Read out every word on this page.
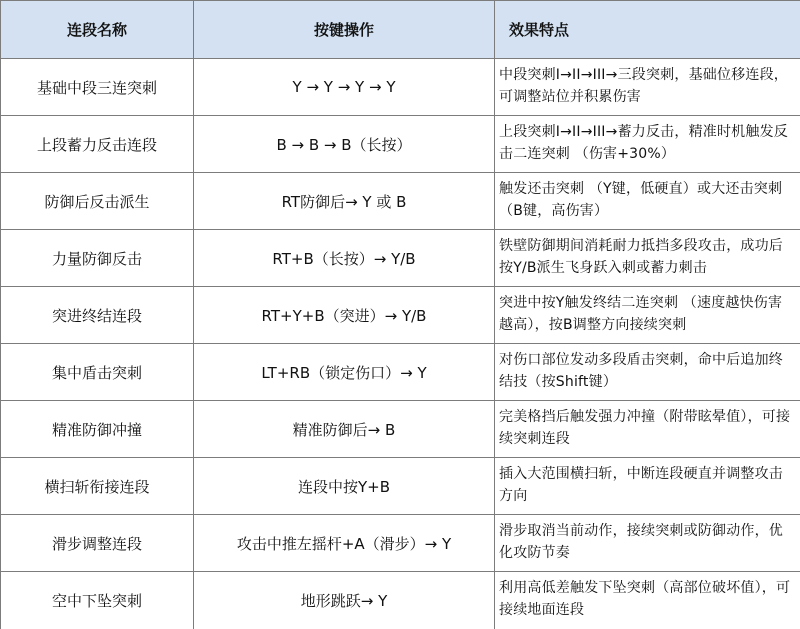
连段名称	按键操作	效果特点
基础中段三连突刺	Y → Y → Y → Y	中段突刺I→II→III→三段突刺，基础位移连段，可调整站位并积累伤害
上段蓄力反击连段	B → B → B（长按）	上段突刺I→II→III→蓄力反击，精准时机触发反击二连突刺 （伤害+30%）
防御后反击派生	RT防御后→ Y 或 B	触发还击突刺 （Y键，低硬直）或大还击突刺 （B键，高伤害）
力量防御反击	RT+B（长按）→ Y/B	铁壁防御期间消耗耐力抵挡多段攻击，成功后按Y/B派生飞身跃入刺或蓄力刺击
突进终结连段	RT+Y+B（突进）→ Y/B	突进中按Y触发终结二连突刺 （速度越快伤害越高），按B调整方向接续突刺
集中盾击突刺	LT+RB（锁定伤口）→ Y	对伤口部位发动多段盾击突刺，命中后追加终结技（按Shift键）
精准防御冲撞	精准防御后→ B	完美格挡后触发强力冲撞（附带眩晕值），可接续突刺连段
横扫斩衔接连段	连段中按Y+B	插入大范围横扫斩，中断连段硬直并调整攻击方向
滑步调整连段	攻击中推左摇杆+A（滑步）→ Y	滑步取消当前动作，接续突刺或防御动作，优化攻防节奏
空中下坠突刺	地形跳跃→ Y	利用高低差触发下坠突刺（高部位破坏值），可接续地面连段
